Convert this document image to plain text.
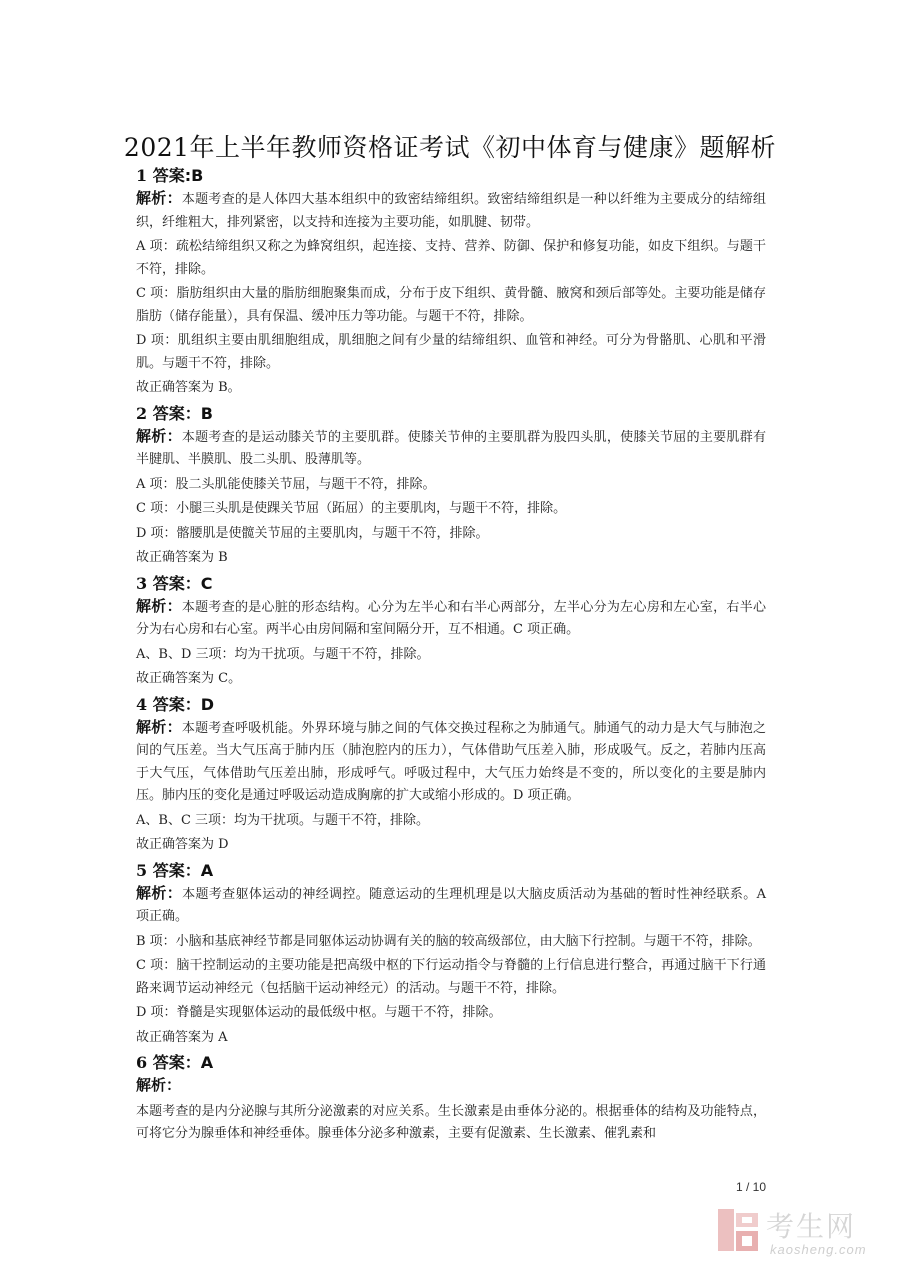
2021年上半年教师资格证考试《初中体育与健康》题解析
1 答案:B

解析：本题考查的是人体四大基本组织中的致密结缔组织。致密结缔组织是一种以纤维为主要成分的结缔组织，纤维粗大，排列紧密，以支持和连接为主要功能，如肌腱、韧带。

A 项：疏松结缔组织又称之为蜂窝组织，起连接、支持、营养、防御、保护和修复功能，如皮下组织。与题干不符，排除。

C 项：脂肪组织由大量的脂肪细胞聚集而成，分布于皮下组织、黄骨髓、腋窝和颈后部等处。主要功能是储存脂肪（储存能量），具有保温、缓冲压力等功能。与题干不符，排除。

D 项：肌组织主要由肌细胞组成，肌细胞之间有少量的结缔组织、血管和神经。可分为骨骼肌、心肌和平滑肌。与题干不符，排除。

故正确答案为 B。

2 答案：B

解析：本题考查的是运动膝关节的主要肌群。使膝关节伸的主要肌群为股四头肌，使膝关节屈的主要肌群有半腱肌、半膜肌、股二头肌、股薄肌等。

A 项：股二头肌能使膝关节屈，与题干不符，排除。

C 项：小腿三头肌是使踝关节屈（跖屈）的主要肌肉，与题干不符，排除。

D 项：髂腰肌是使髋关节屈的主要肌肉，与题干不符，排除。

故正确答案为 B

3 答案：C

解析：本题考查的是心脏的形态结构。心分为左半心和右半心两部分，左半心分为左心房和左心室，右半心分为右心房和右心室。两半心由房间隔和室间隔分开，互不相通。C 项正确。

A、B、D 三项：均为干扰项。与题干不符，排除。

故正确答案为 C。

4 答案：D

解析：本题考查呼吸机能。外界环境与肺之间的气体交换过程称之为肺通气。肺通气的动力是大气与肺泡之间的气压差。当大气压高于肺内压（肺泡腔内的压力），气体借助气压差入肺，形成吸气。反之，若肺内压高于大气压，气体借助气压差出肺，形成呼气。呼吸过程中，大气压力始终是不变的，所以变化的主要是肺内压。肺内压的变化是通过呼吸运动造成胸廓的扩大或缩小形成的。D 项正确。

A、B、C 三项：均为干扰项。与题干不符，排除。

故正确答案为 D

5 答案：A

解析：本题考查躯体运动的神经调控。随意运动的生理机理是以大脑皮质活动为基础的暂时性神经联系。A 项正确。

B 项：小脑和基底神经节都是同躯体运动协调有关的脑的较高级部位，由大脑下行控制。与题干不符，排除。

C 项：脑干控制运动的主要功能是把高级中枢的下行运动指令与脊髓的上行信息进行整合，再通过脑干下行通路来调节运动神经元（包括脑干运动神经元）的活动。与题干不符，排除。

D 项：脊髓是实现躯体运动的最低级中枢。与题干不符，排除。

故正确答案为 A

6 答案：A

解析：

本题考查的是内分泌腺与其所分泌激素的对应关系。生长激素是由垂体分泌的。根据垂体的结构及功能特点，可将它分为腺垂体和神经垂体。腺垂体分泌多种激素，主要有促激素、生长激素、催乳素和

1 / 10
考生网
kaosheng.com
